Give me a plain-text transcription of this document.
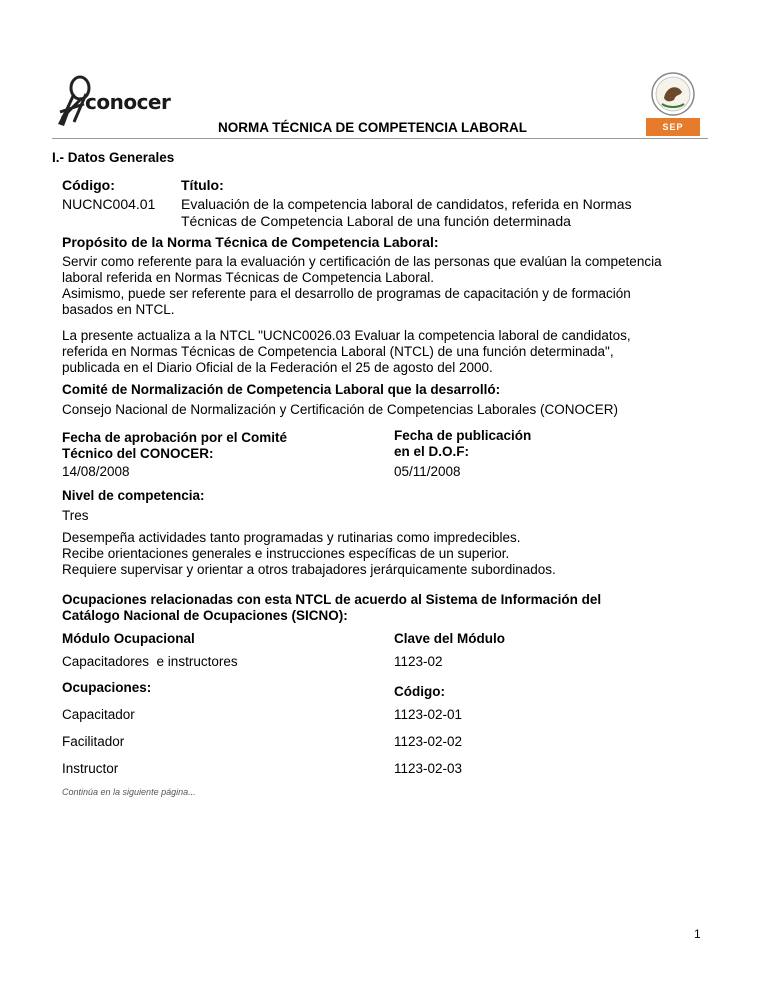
conocer
SEP
NORMA TÉCNICA DE COMPETENCIA LABORAL
I.- Datos Generales
Código:
NUCNC004.01
Título:
Evaluación de la competencia laboral de candidatos, referida en Normas
Técnicas de Competencia Laboral de una función determinada
Propósito de la Norma Técnica de Competencia Laboral:
Servir como referente para la evaluación y certificación de las personas que evalúan la competencia
laboral referida en Normas Técnicas de Competencia Laboral.
Asimismo, puede ser referente para el desarrollo de programas de capacitación y de formación
basados en NTCL.
La presente actualiza a la NTCL "UCNC0026.03 Evaluar la competencia laboral de candidatos,
referida en Normas Técnicas de Competencia Laboral (NTCL) de una función determinada",
publicada en el Diario Oficial de la Federación el 25 de agosto del 2000.
Comité de Normalización de Competencia Laboral que la desarrolló:
Consejo Nacional de Normalización y Certificación de Competencias Laborales (CONOCER)
Fecha de aprobación por el Comité
Técnico del CONOCER:
14/08/2008
Fecha de publicación
en el D.O.F:
05/11/2008
Nivel de competencia:
Tres
Desempeña actividades tanto programadas y rutinarias como impredecibles.
Recibe orientaciones generales e instrucciones específicas de un superior.
Requiere supervisar y orientar a otros trabajadores jerárquicamente subordinados.
Ocupaciones relacionadas con esta NTCL de acuerdo al Sistema de Información del
Catálogo Nacional de Ocupaciones (SICNO):
Módulo Ocupacional	Clave del Módulo
Capacitadores  e instructores	1123-02
Ocupaciones:	Código:
Capacitador	1123-02-01
Facilitador	1123-02-02
Instructor	1123-02-03
Continúa en la siguiente página...
1
